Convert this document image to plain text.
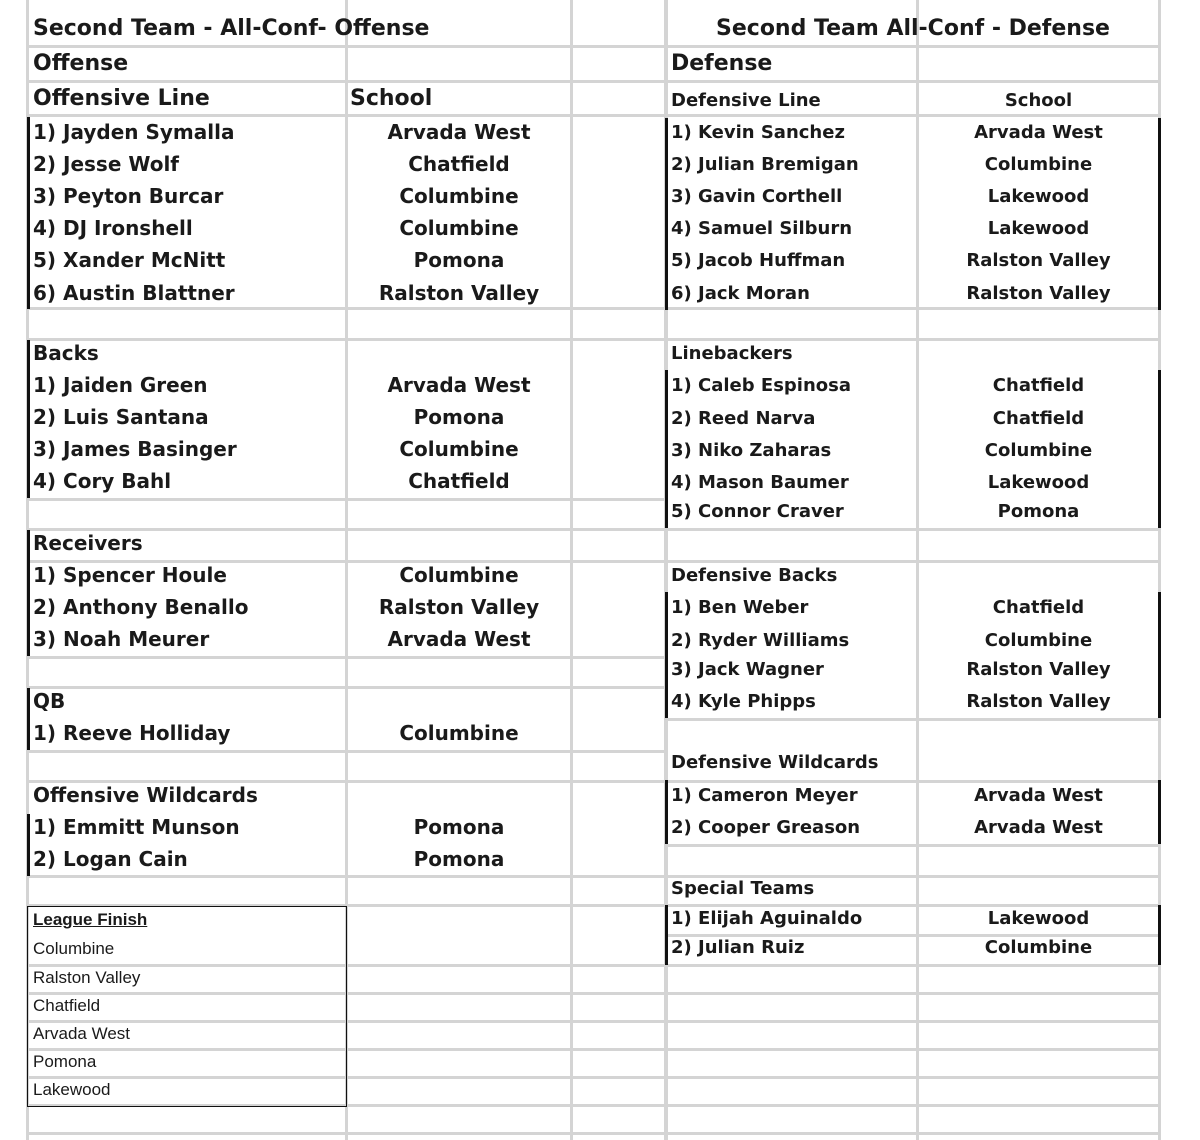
Second Team - All-Conf- Offense
Offense
Offensive Line	School
1) Jayden Symalla	Arvada West
2) Jesse Wolf	Chatfield
3) Peyton Burcar	Columbine
4) DJ Ironshell	Columbine
5) Xander McNitt	Pomona
6) Austin Blattner	Ralston Valley
Backs
1) Jaiden Green	Arvada West
2) Luis Santana	Pomona
3) James Basinger	Columbine
4) Cory Bahl	Chatfield
Receivers
1) Spencer Houle	Columbine
2) Anthony Benallo	Ralston Valley
3) Noah Meurer	Arvada West
QB
1) Reeve Holliday	Columbine
Offensive Wildcards
1) Emmitt Munson	Pomona
2) Logan Cain	Pomona
League Finish
Columbine
Ralston Valley
Chatfield
Arvada West
Pomona
Lakewood
Second Team All-Conf - Defense
Defense
Defensive Line	School
1) Kevin Sanchez	Arvada West
2) Julian Bremigan	Columbine
3) Gavin Corthell	Lakewood
4) Samuel Silburn	Lakewood
5) Jacob Huffman	Ralston Valley
6) Jack Moran	Ralston Valley
Linebackers
1) Caleb Espinosa	Chatfield
2) Reed Narva	Chatfield
3) Niko Zaharas	Columbine
4) Mason Baumer	Lakewood
5) Connor Craver	Pomona
Defensive Backs
1) Ben Weber	Chatfield
2) Ryder Williams	Columbine
3) Jack Wagner	Ralston Valley
4) Kyle Phipps	Ralston Valley
Defensive Wildcards
1) Cameron Meyer	Arvada West
2) Cooper Greason	Arvada West
Special Teams
1) Elijah Aguinaldo	Lakewood
2) Julian Ruiz	Columbine
